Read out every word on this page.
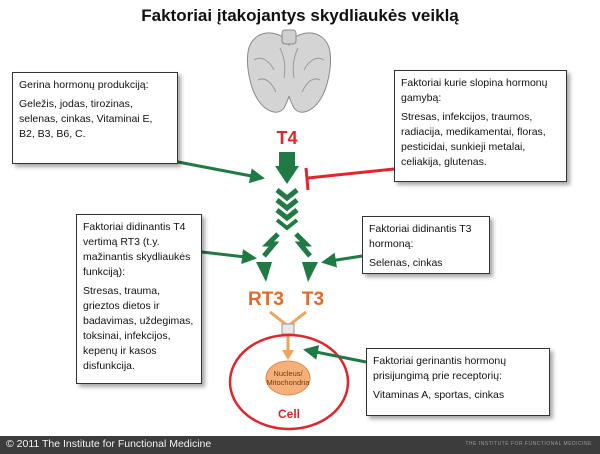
Faktoriai įtakojantys skydliaukės veiklą
T4
RT3 T3
Nucleus/
Mitochondria
Cell

Gerina hormonų produkciją:

Geležis, jodas, tirozinas, selenas, cinkas, Vitaminai E, B2, B3, B6, C.

Faktoriai kurie slopina hormonų gamybą:

Stresas, infekcijos, traumos, radiacija, medikamentai, floras, pesticidai, sunkieji metalai, celiakija, glutenas.

Faktoriai didinantis T4 vertimą RT3 (t.y. mažinantis skydliaukės funkciją):

Stresas, trauma, grieztos dietos ir badavimas, uždegimas, toksinai, infekcijos, kepenų ir kasos disfunkcija.

Faktoriai didinantis T3 hormoną:

Selenas, cinkas

Faktoriai gerinantis hormonų prisijungimą prie receptorių:

Vitaminas A, sportas, cinkas

© 2011 The Institute for Functional Medicine	THE INSTITUTE FOR FUNCTIONAL MEDICINE
